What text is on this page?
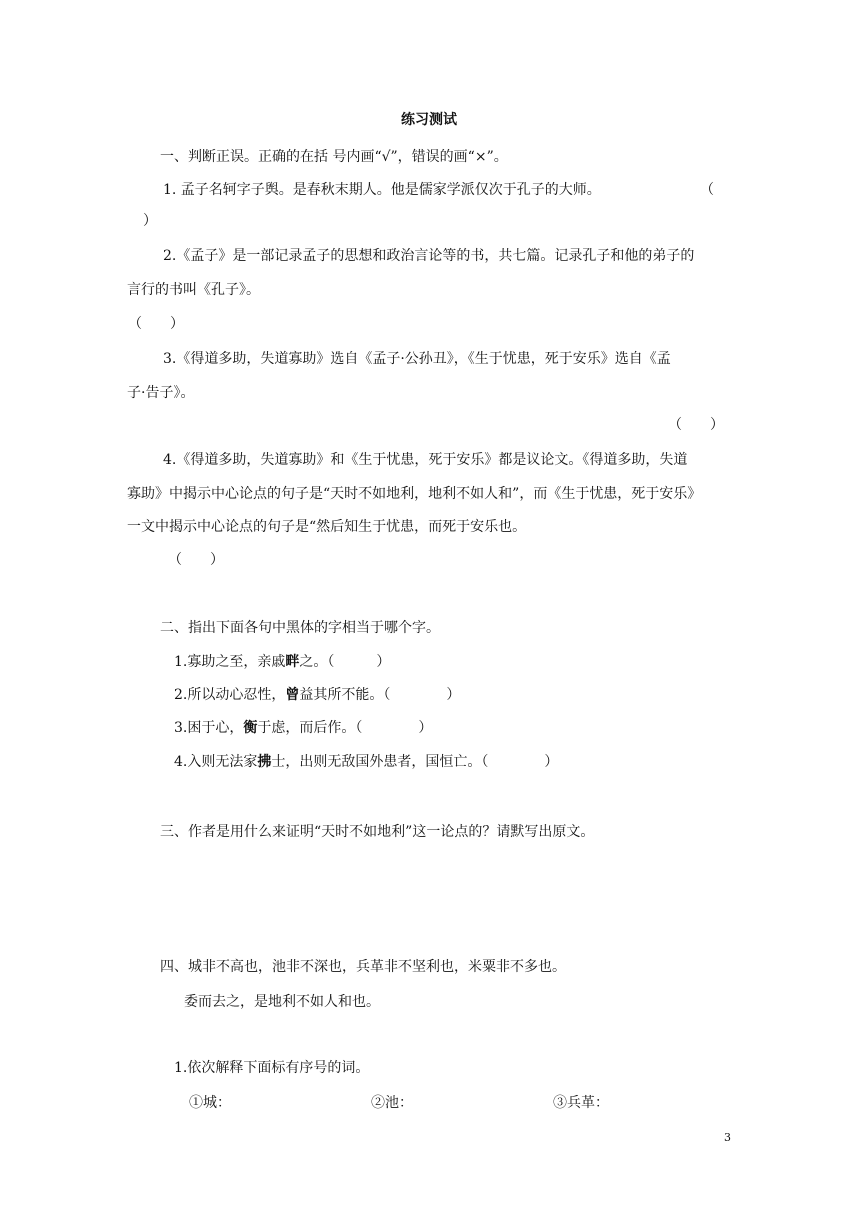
练习测试
一、判断正误。正确的在括 号内画“√”，错误的画“×”。
1. 孟子名轲字子舆。是春秋末期人。他是儒家学派仅次于孔子的大师。	（
）
2.《孟子》是一部记录孟子的思想和政治言论等的书，共七篇。记录孔子和他的弟子的
言行的书叫《孔子》。
（　　）
3.《得道多助，失道寡助》选自《孟子·公孙丑》，《生于忧患，死于安乐》选自《孟
子·告子》。
（　　）
4.《得道多助，失道寡助》和《生于忧患，死于安乐》都是议论文。《得道多助，失道
寡助》中揭示中心论点的句子是“天时不如地利，地利不如人和”，而《生于忧患，死于安乐》
一文中揭示中心论点的句子是“然后知生于忧患，而死于安乐也。
（　　）
二、指出下面各句中黑体的字相当于哪个字。
1.寡助之至，亲戚畔之。（　　　）
2.所以动心忍性，曾益其所不能。（　　　　）
3.困于心，衡于虑，而后作。（　　　　）
4.入则无法家拂士，出则无敌国外患者，国恒亡。（　　　　）
三、作者是用什么来证明“天时不如地利”这一论点的？请默写出原文。
四、城非不高也，池非不深也，兵革非不坚利也，米粟非不多也。
委而去之，是地利不如人和也。
1.依次解释下面标有序号的词。
①城：	②池：	③兵革：
3
